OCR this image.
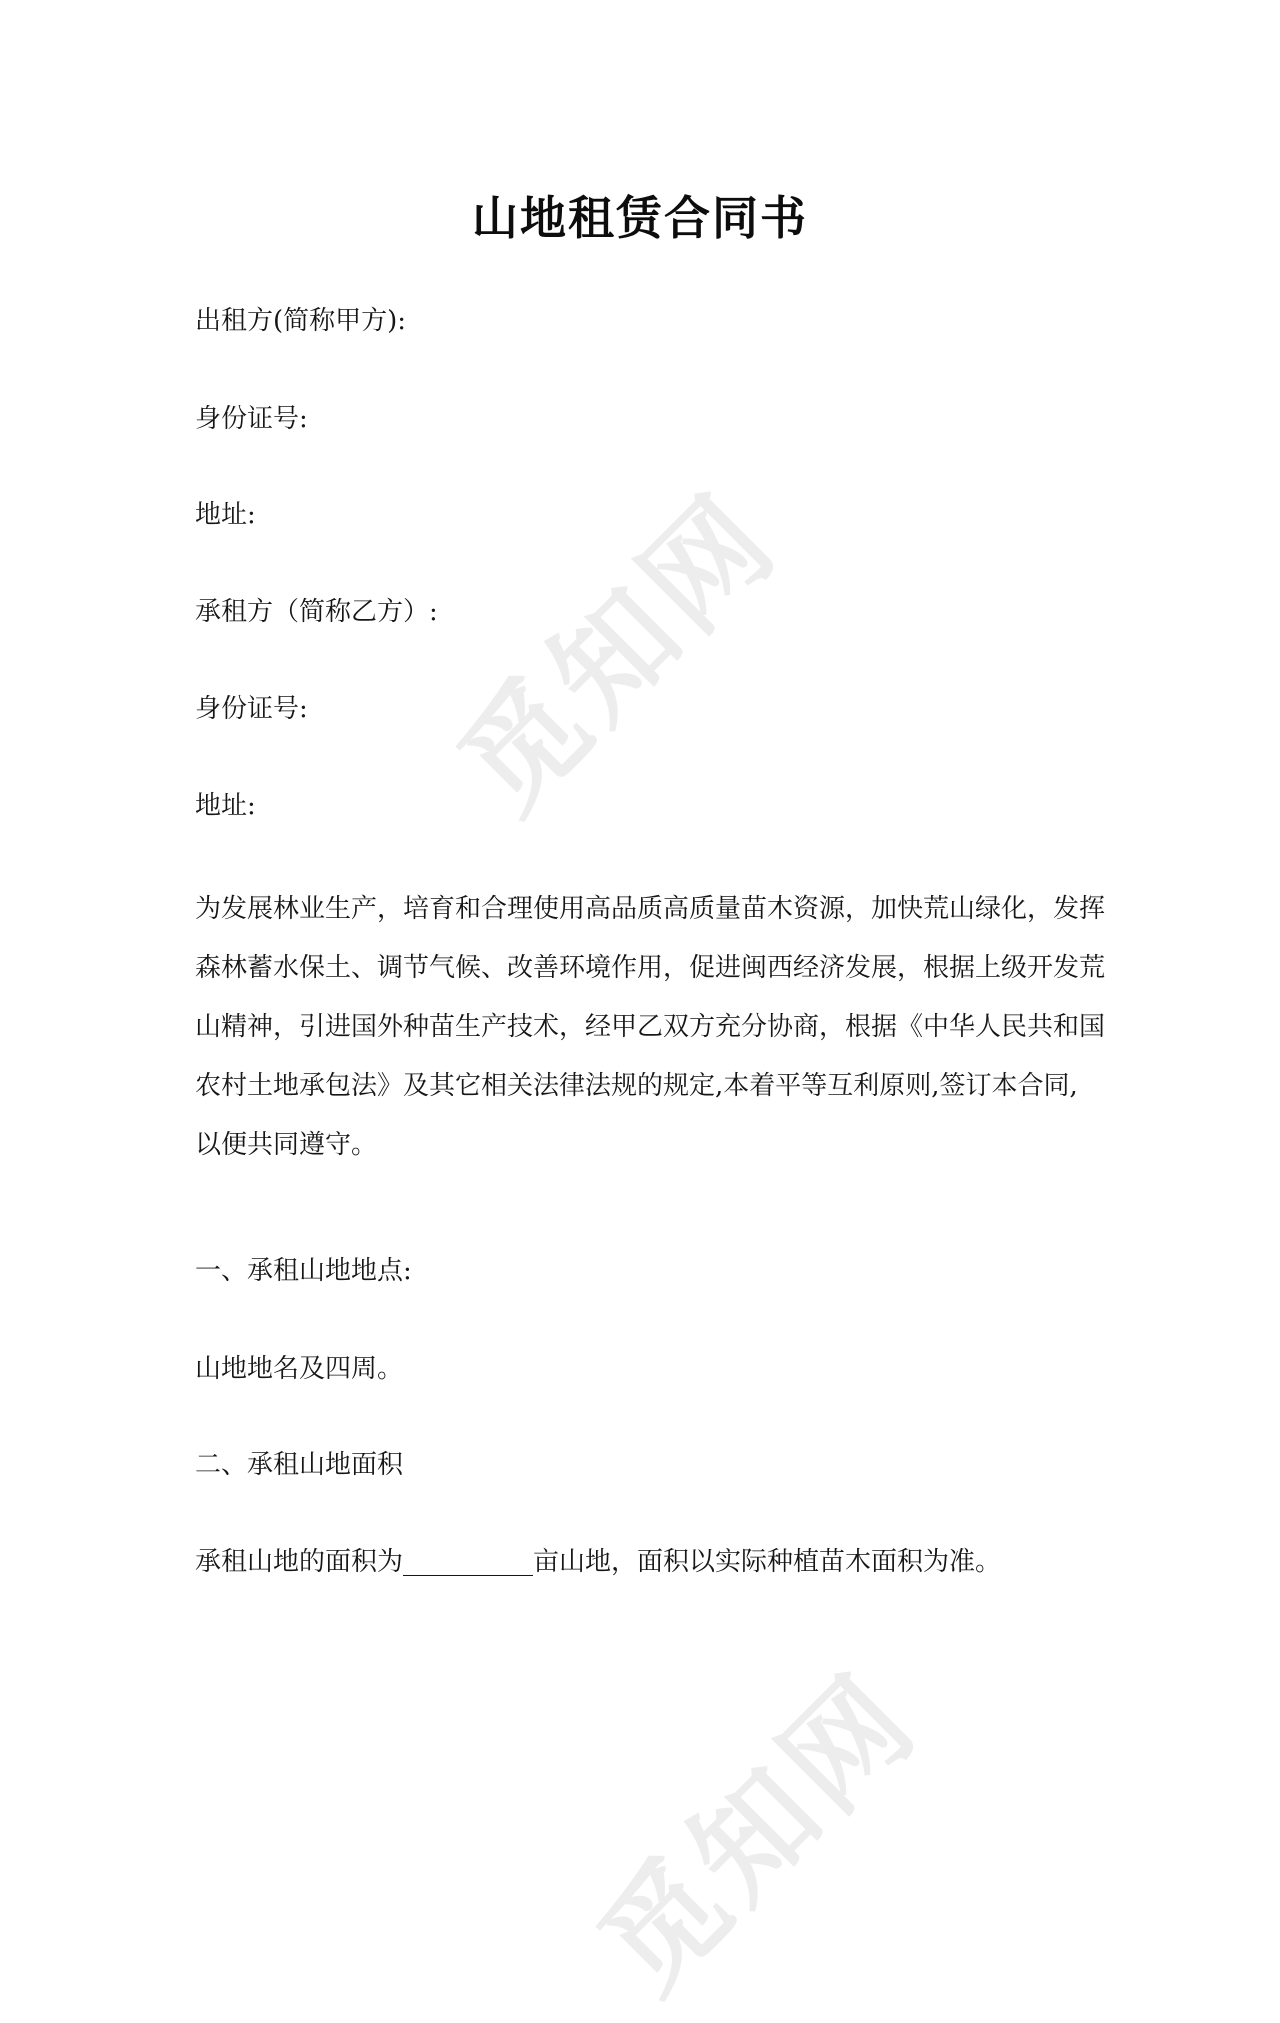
觅知网
觅知网
山地租赁合同书
出租方(简称甲方):
身份证号:
地址:
承租方（简称乙方）:
身份证号:
地址:
为发展林业生产，培育和合理使用高品质高质量苗木资源，加快荒山绿化，发挥
森林蓄水保土、调节气候、改善环境作用，促进闽西经济发展，根据上级开发荒
山精神，引进国外种苗生产技术，经甲乙双方充分协商，根据《中华人民共和国
农村土地承包法》及其它相关法律法规的规定,本着平等互利原则,签订本合同,
以便共同遵守。
一、承租山地地点:
山地地名及四周。
二、承租山地面积
承租山地的面积为__________亩山地，面积以实际种植苗木面积为准。
